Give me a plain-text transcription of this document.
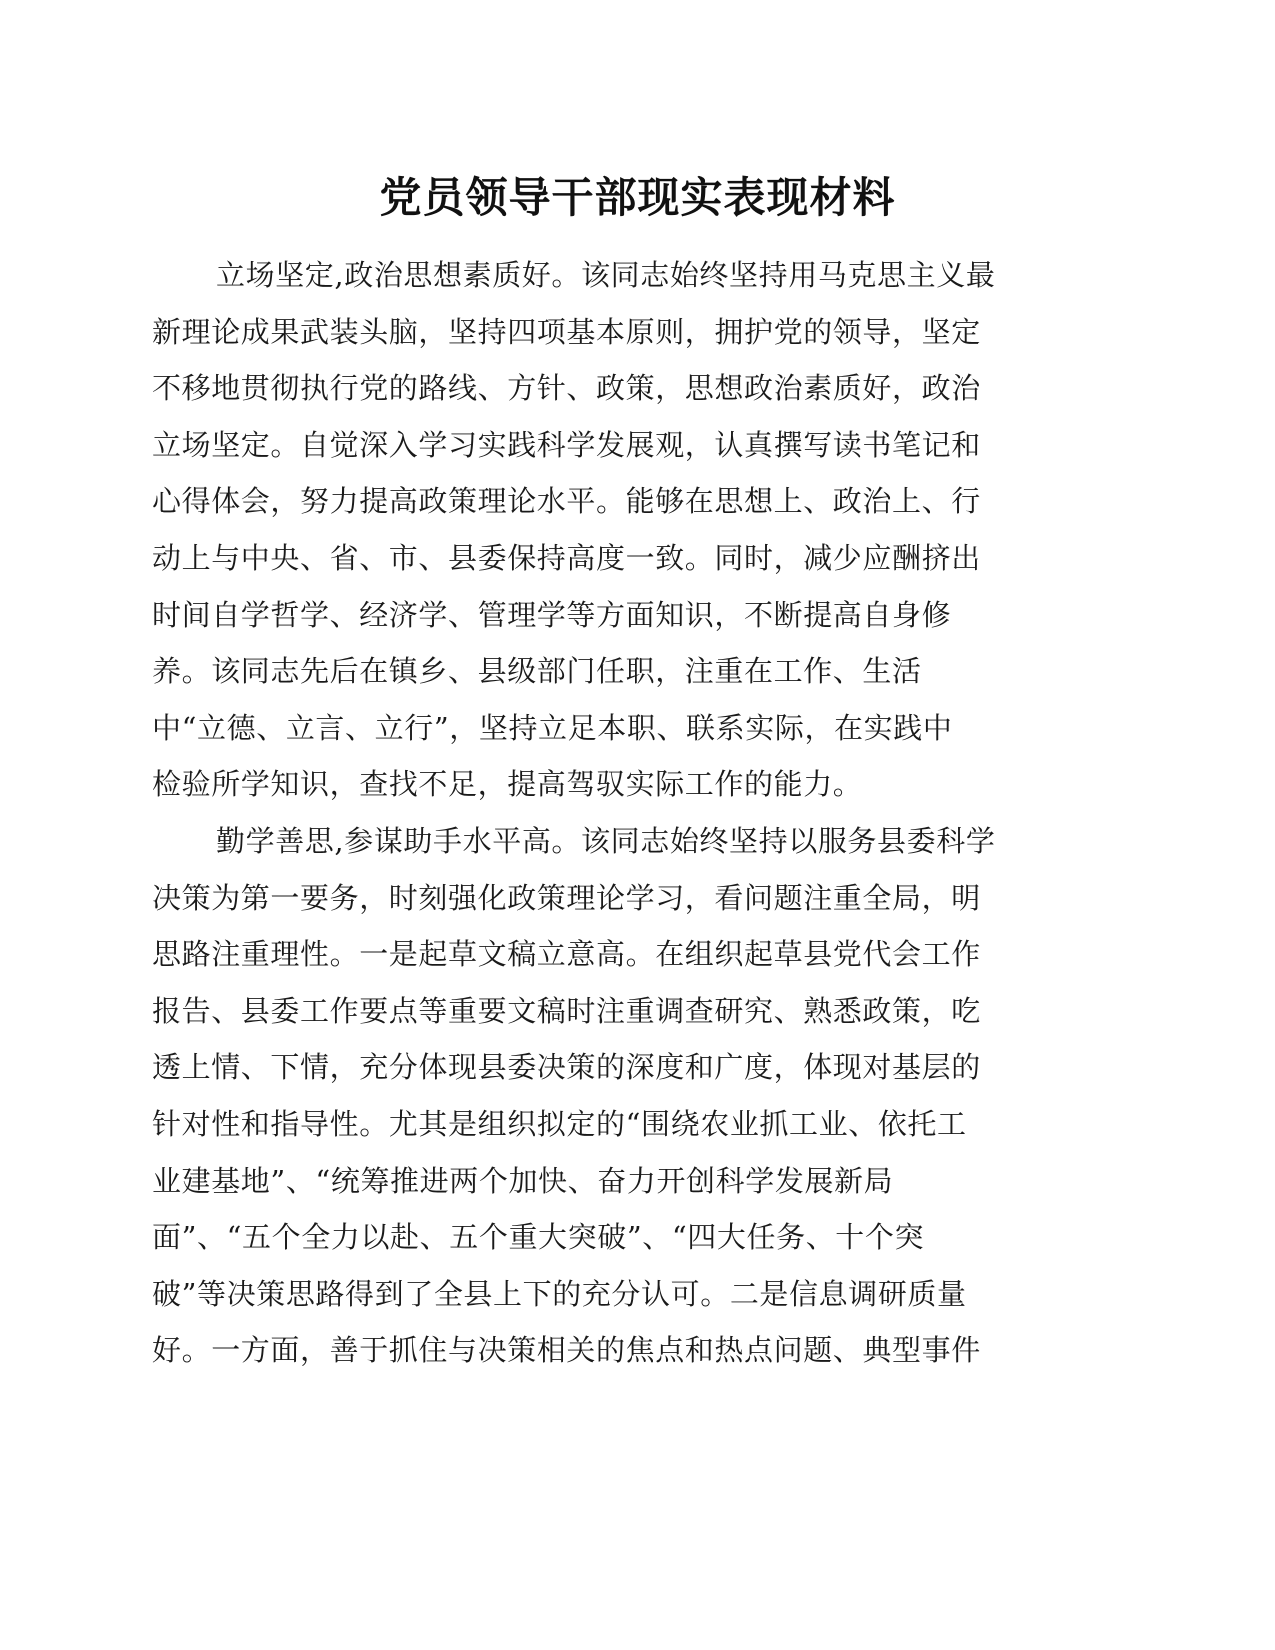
党员领导干部现实表现材料
立场坚定,政治思想素质好。该同志始终坚持用马克思主义最
新理论成果武装头脑，坚持四项基本原则，拥护党的领导，坚定
不移地贯彻执行党的路线、方针、政策，思想政治素质好，政治
立场坚定。自觉深入学习实践科学发展观，认真撰写读书笔记和
心得体会，努力提高政策理论水平。能够在思想上、政治上、行
动上与中央、省、市、县委保持高度一致。同时，减少应酬挤出
时间自学哲学、经济学、管理学等方面知识，不断提高自身修
养。该同志先后在镇乡、县级部门任职，注重在工作、生活
中“立德、立言、立行”，坚持立足本职、联系实际，在实践中
检验所学知识，查找不足，提高驾驭实际工作的能力。
勤学善思,参谋助手水平高。该同志始终坚持以服务县委科学
决策为第一要务，时刻强化政策理论学习，看问题注重全局，明
思路注重理性。一是起草文稿立意高。在组织起草县党代会工作
报告、县委工作要点等重要文稿时注重调查研究、熟悉政策，吃
透上情、下情，充分体现县委决策的深度和广度，体现对基层的
针对性和指导性。尤其是组织拟定的“围绕农业抓工业、依托工
业建基地”、“统筹推进两个加快、奋力开创科学发展新局
面”、“五个全力以赴、五个重大突破”、“四大任务、十个突
破”等决策思路得到了全县上下的充分认可。二是信息调研质量
好。一方面，善于抓住与决策相关的焦点和热点问题、典型事件
